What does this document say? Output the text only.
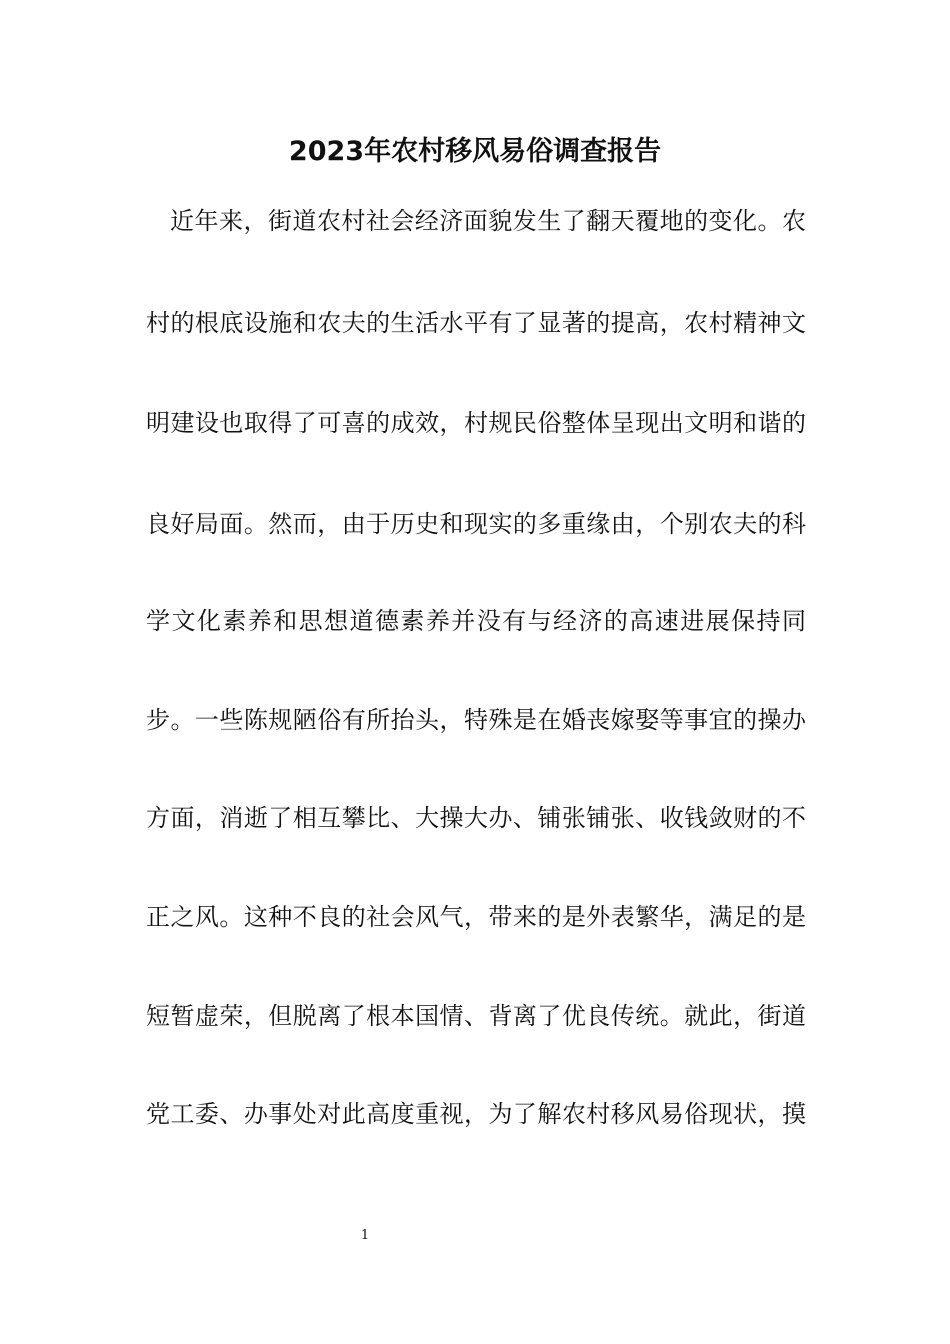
2023年农村移风易俗调查报告

近年来，街道农村社会经济面貌发生了翻天覆地的变化。农

村的根底设施和农夫的生活水平有了显著的提高，农村精神文

明建设也取得了可喜的成效，村规民俗整体呈现出文明和谐的

良好局面。然而，由于历史和现实的多重缘由，个别农夫的科

学文化素养和思想道德素养并没有与经济的高速进展保持同

步。一些陈规陋俗有所抬头，特殊是在婚丧嫁娶等事宜的操办

方面，消逝了相互攀比、大操大办、铺张铺张、收钱敛财的不

正之风。这种不良的社会风气，带来的是外表繁华，满足的是

短暂虚荣，但脱离了根本国情、背离了优良传统。就此，街道

党工委、办事处对此高度重视，为了解农村移风易俗现状，摸

1
